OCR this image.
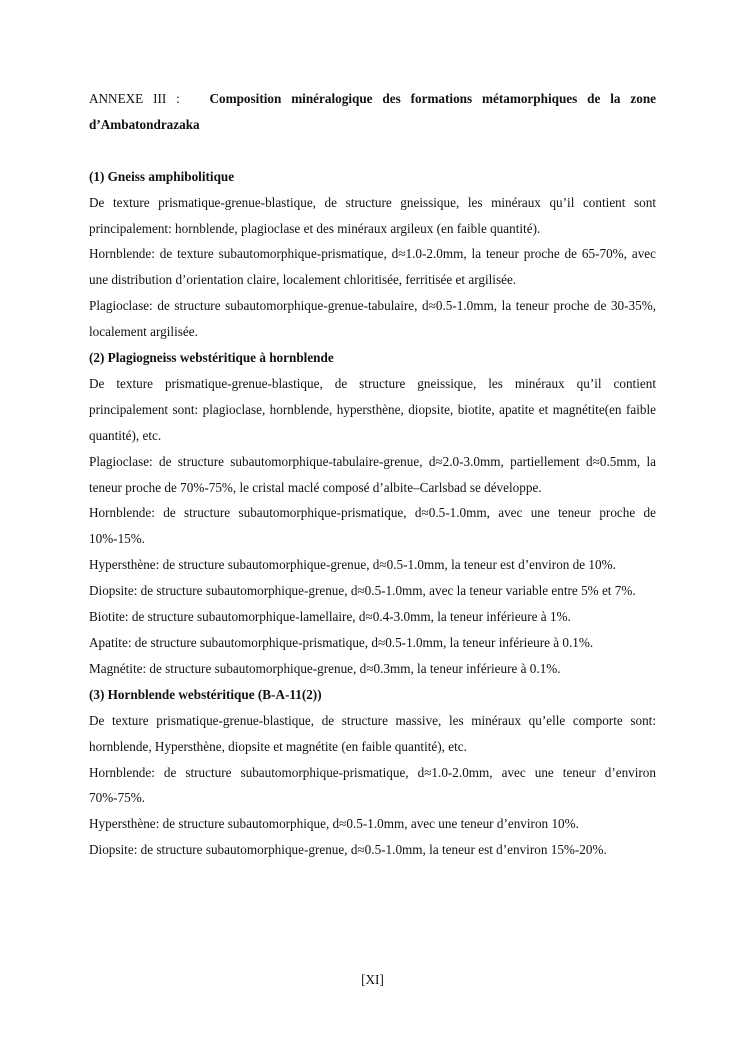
ANNEXE III : Composition minéralogique des formations métamorphiques de la zone d’Ambatondrazaka

(1) Gneiss amphibolitique

De texture prismatique-grenue-blastique, de structure gneissique, les minéraux qu’il contient sont principalement: hornblende, plagioclase et des minéraux argileux (en faible quantité).

Hornblende: de texture subautomorphique-prismatique, d≈1.0-2.0mm, la teneur proche de 65-70%, avec une distribution d’orientation claire, localement chloritisée, ferritisée et argilisée.

Plagioclase: de structure subautomorphique-grenue-tabulaire, d≈0.5-1.0mm, la teneur proche de 30-35%, localement argilisée.

(2) Plagiogneiss webstéritique à hornblende

De texture prismatique-grenue-blastique, de structure gneissique, les minéraux qu’il contient principalement sont: plagioclase, hornblende, hypersthène, diopsite, biotite, apatite et magnétite(en faible quantité), etc.

Plagioclase: de structure subautomorphique-tabulaire-grenue, d≈2.0-3.0mm, partiellement d≈0.5mm, la teneur proche de 70%-75%, le cristal maclé composé d’albite–Carlsbad se développe.

Hornblende: de structure subautomorphique-prismatique, d≈0.5-1.0mm, avec une teneur proche de 10%-15%.

Hypersthène: de structure subautomorphique-grenue, d≈0.5-1.0mm, la teneur est d’environ de 10%.

Diopsite: de structure subautomorphique-grenue, d≈0.5-1.0mm, avec la teneur variable entre 5% et 7%.

Biotite: de structure subautomorphique-lamellaire, d≈0.4-3.0mm, la teneur inférieure à 1%.

Apatite: de structure subautomorphique-prismatique, d≈0.5-1.0mm, la teneur inférieure à 0.1%.

Magnétite: de structure subautomorphique-grenue, d≈0.3mm, la teneur inférieure à 0.1%.

(3) Hornblende webstéritique (B-A-11(2))

De texture prismatique-grenue-blastique, de structure massive, les minéraux qu’elle comporte sont: hornblende, Hypersthène, diopsite et magnétite (en faible quantité), etc.

Hornblende: de structure subautomorphique-prismatique, d≈1.0-2.0mm, avec une teneur d’environ 70%-75%.

Hypersthène: de structure subautomorphique, d≈0.5-1.0mm, avec une teneur d’environ 10%.

Diopsite: de structure subautomorphique-grenue, d≈0.5-1.0mm, la teneur est d’environ 15%-20%.

[XI]
